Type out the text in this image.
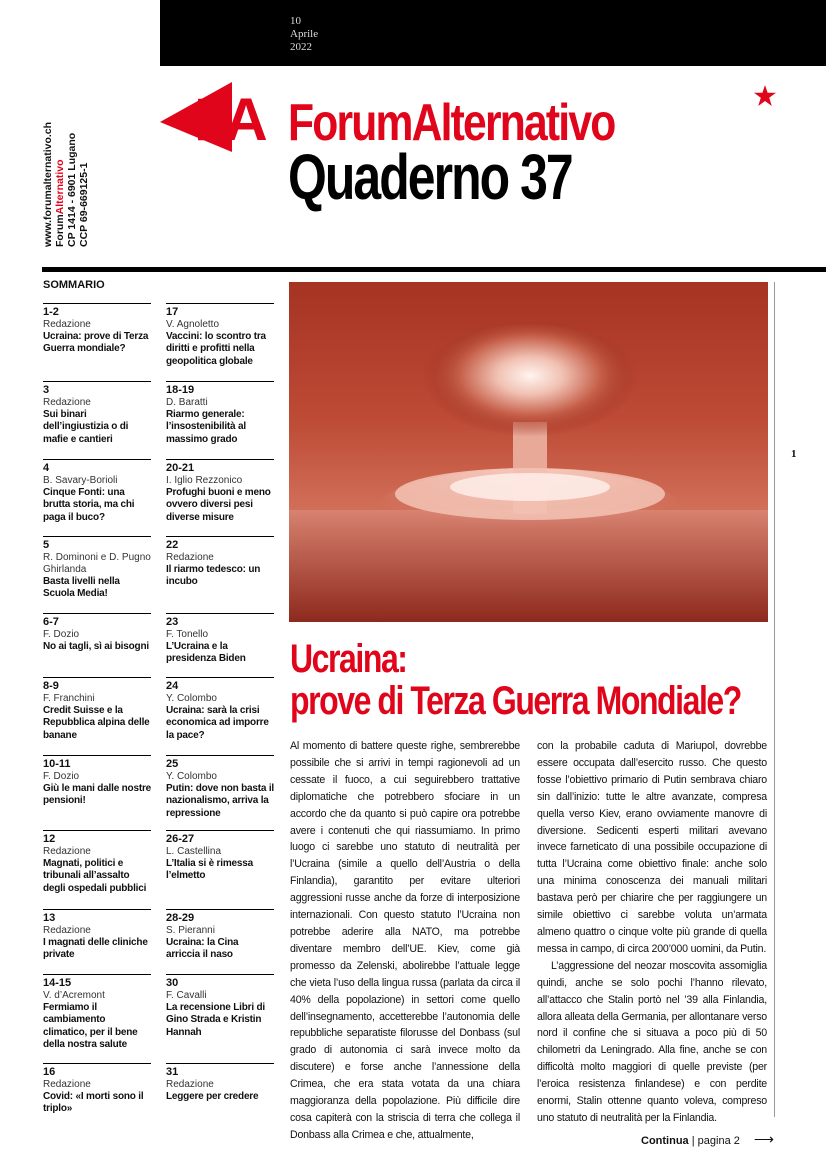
10
Aprile
2022
FA ForumAlternativo
Quaderno 37
www.forumalternativo.ch ForumAlternativo CP 1414 - 6901 Lugano CCP 69-669125-1
SOMMARIO
1-2
Redazione
Ucraina: prove di Terza Guerra mondiale?
3
Redazione
Sui binari dell’ingiustizia o di mafie e cantieri
4
B. Savary-Borioli
Cinque Fonti: una brutta storia, ma chi paga il buco?
5
R. Dominoni e D. Pugno Ghirlanda
Basta livelli nella Scuola Media!
6-7
F. Dozio
No ai tagli, sì ai bisogni
8-9
F. Franchini
Credit Suisse e la Repubblica alpina delle banane
10-11
F. Dozio
Giù le mani dalle nostre pensioni!
12
Redazione
Magnati, politici e tribunali all’assalto degli ospedali pubblici
13
Redazione
I magnati delle cliniche private
14-15
V. d’Acremont
Fermiamo il cambiamento climatico, per il bene della nostra salute
16
Redazione
Covid: «I morti sono il triplo»
17
V. Agnoletto
Vaccini: lo scontro tra diritti e profitti nella geopolitica globale
18-19
D. Baratti
Riarmo generale: l’insostenibilità al massimo grado
20-21
I. Iglio Rezzonico
Profughi buoni e meno ovvero diversi pesi diverse misure
22
Redazione
Il riarmo tedesco: un incubo
23
F. Tonello
L’Ucraina e la presidenza Biden
24
Y. Colombo
Ucraina: sarà la crisi economica ad imporre la pace?
25
Y. Colombo
Putin: dove non basta il nazionalismo, arriva la repressione
26-27
L. Castellina
L’Italia si è rimessa l’elmetto
28-29
S. Pieranni
Ucraina: la Cina arriccia il naso
30
F. Cavalli
La recensione Libri di Gino Strada e Kristin Hannah
31
Redazione
Leggere per credere
1
Ucraina:
prove di Terza Guerra Mondiale?

Al momento di battere queste righe, sembrerebbe possibile che si arrivi in tempi ragionevoli ad un cessate il fuoco, a cui seguirebbero trattative diplomatiche che potrebbero sfociare in un accordo che da quanto si può capire ora potrebbe avere i contenuti che qui riassumiamo. In primo luogo ci sarebbe uno statuto di neutralità per l’Ucraina (simile a quello dell’Austria o della Finlandia), garantito per evitare ulteriori aggressioni russe anche da forze di interposizione internazionali. Con questo statuto l’Ucraina non potrebbe aderire alla NATO, ma potrebbe diventare membro dell’UE. Kiev, come già promesso da Zelenski, abolirebbe l’attuale legge che vieta l’uso della lingua russa (parlata da circa il 40% della popolazione) in settori come quello dell’insegnamento, accetterebbe l’autonomia delle repubbliche separatiste filorusse del Donbass (sul grado di autonomia ci sarà invece molto da discutere) e forse anche l’annessione della Crimea, che era stata votata da una chiara maggioranza della popolazione. Più difficile dire cosa capiterà con la striscia di terra che collega il Donbass alla Crimea e che, attualmente,

con la probabile caduta di Mariupol, dovrebbe essere occupata dall’esercito russo. Che questo fosse l’obiettivo primario di Putin sembrava chiaro sin dall’inizio: tutte le altre avanzate, compresa quella verso Kiev, erano ovviamente manovre di diversione. Sedicenti esperti militari avevano invece farneticato di una possibile occupazione di tutta l’Ucraina come obiettivo finale: anche solo una minima conoscenza dei manuali militari bastava però per chiarire che per raggiungere un simile obiettivo ci sarebbe voluta un’armata almeno quattro o cinque volte più grande di quella messa in campo, di circa 200’000 uomini, da Putin.

L’aggressione del neozar moscovita assomiglia quindi, anche se solo pochi l’hanno rilevato, all’attacco che Stalin portò nel ’39 alla Finlandia, allora alleata della Germania, per allontanare verso nord il confine che si situava a poco più di 50 chilometri da Leningrado. Alla fine, anche se con difficoltà molto maggiori di quelle previste (per l’eroica resistenza finlandese) e con perdite enormi, Stalin ottenne quanto voleva, compreso uno statuto di neutralità per la Finlandia.

Continua | pagina 2 ⟶
